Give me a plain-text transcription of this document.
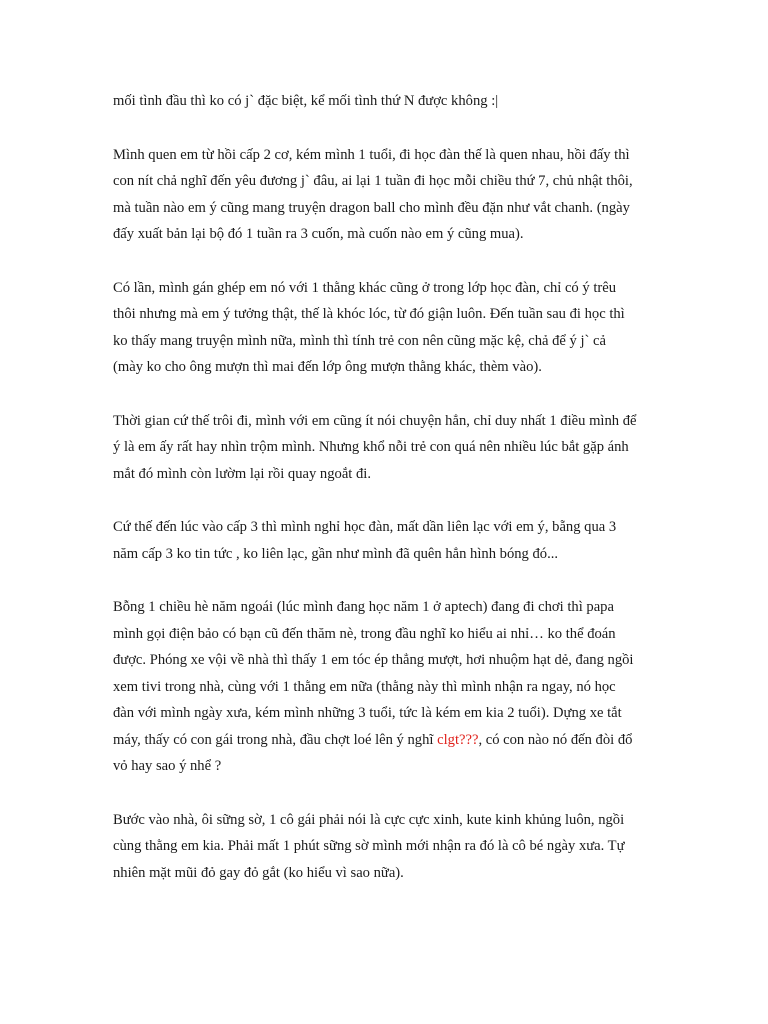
mối tình đầu thì ko có j` đặc biệt, kể mối tình thứ N được không :|

Mình quen em từ hồi cấp 2 cơ, kém mình 1 tuổi, đi học đàn thế là quen nhau, hồi đấy thì
con nít chả nghĩ đến yêu đương j` đâu, ai lại 1 tuần đi học mỗi chiều thứ 7, chủ nhật thôi,
mà tuần nào em ý cũng mang truyện dragon ball cho mình đều đặn như vắt chanh. (ngày
đấy xuất bản lại bộ đó 1 tuần ra 3 cuốn, mà cuốn nào em ý cũng mua).

Có lần, mình gán ghép em nó với 1 thằng khác cũng ở trong lớp học đàn, chỉ có ý trêu
thôi nhưng mà em ý tưởng thật, thế là khóc lóc, từ đó giận luôn. Đến tuần sau đi học thì
ko thấy mang truyện mình nữa, mình thì tính trẻ con nên cũng mặc kệ, chả để ý j` cả
(mày ko cho ông mượn thì mai đến lớp ông mượn thằng khác, thèm vào).

Thời gian cứ thế trôi đi, mình với em cũng ít nói chuyện hẳn, chỉ duy nhất 1 điều mình để
ý là em ấy rất hay nhìn trộm mình. Nhưng khổ nỗi trẻ con quá nên nhiều lúc bắt gặp ánh
mắt đó mình còn lườm lại rồi quay ngoắt đi.

Cứ thế đến lúc vào cấp 3 thì mình nghỉ học đàn, mất dần liên lạc với em ý, bẵng qua 3
năm cấp 3 ko tin tức , ko liên lạc, gần như mình đã quên hẳn hình bóng đó...

Bỗng 1 chiều hè năm ngoái (lúc mình đang học năm 1 ở aptech) đang đi chơi thì papa
mình gọi điện bảo có bạn cũ đến thăm nè, trong đầu nghĩ ko hiểu ai nhỉ… ko thể đoán
được. Phóng xe vội về nhà thì thấy 1 em tóc ép thẳng mượt, hơi nhuộm hạt dẻ, đang ngồi
xem tivi trong nhà, cùng với 1 thằng em nữa (thằng này thì mình nhận ra ngay, nó học
đàn với mình ngày xưa, kém mình những 3 tuổi, tức là kém em kia 2 tuổi). Dựng xe tắt
máy, thấy có con gái trong nhà, đầu chợt loé lên ý nghĩ clgt???, có con nào nó đến đòi đổ
vỏ hay sao ý nhể ?

Bước vào nhà, ôi sững sờ, 1 cô gái phải nói là cực cực xinh, kute kinh khủng luôn, ngồi
cùng thằng em kia. Phải mất 1 phút sững sờ mình mới nhận ra đó là cô bé ngày xưa. Tự
nhiên mặt mũi đỏ gay đỏ gắt (ko hiểu vì sao nữa).
